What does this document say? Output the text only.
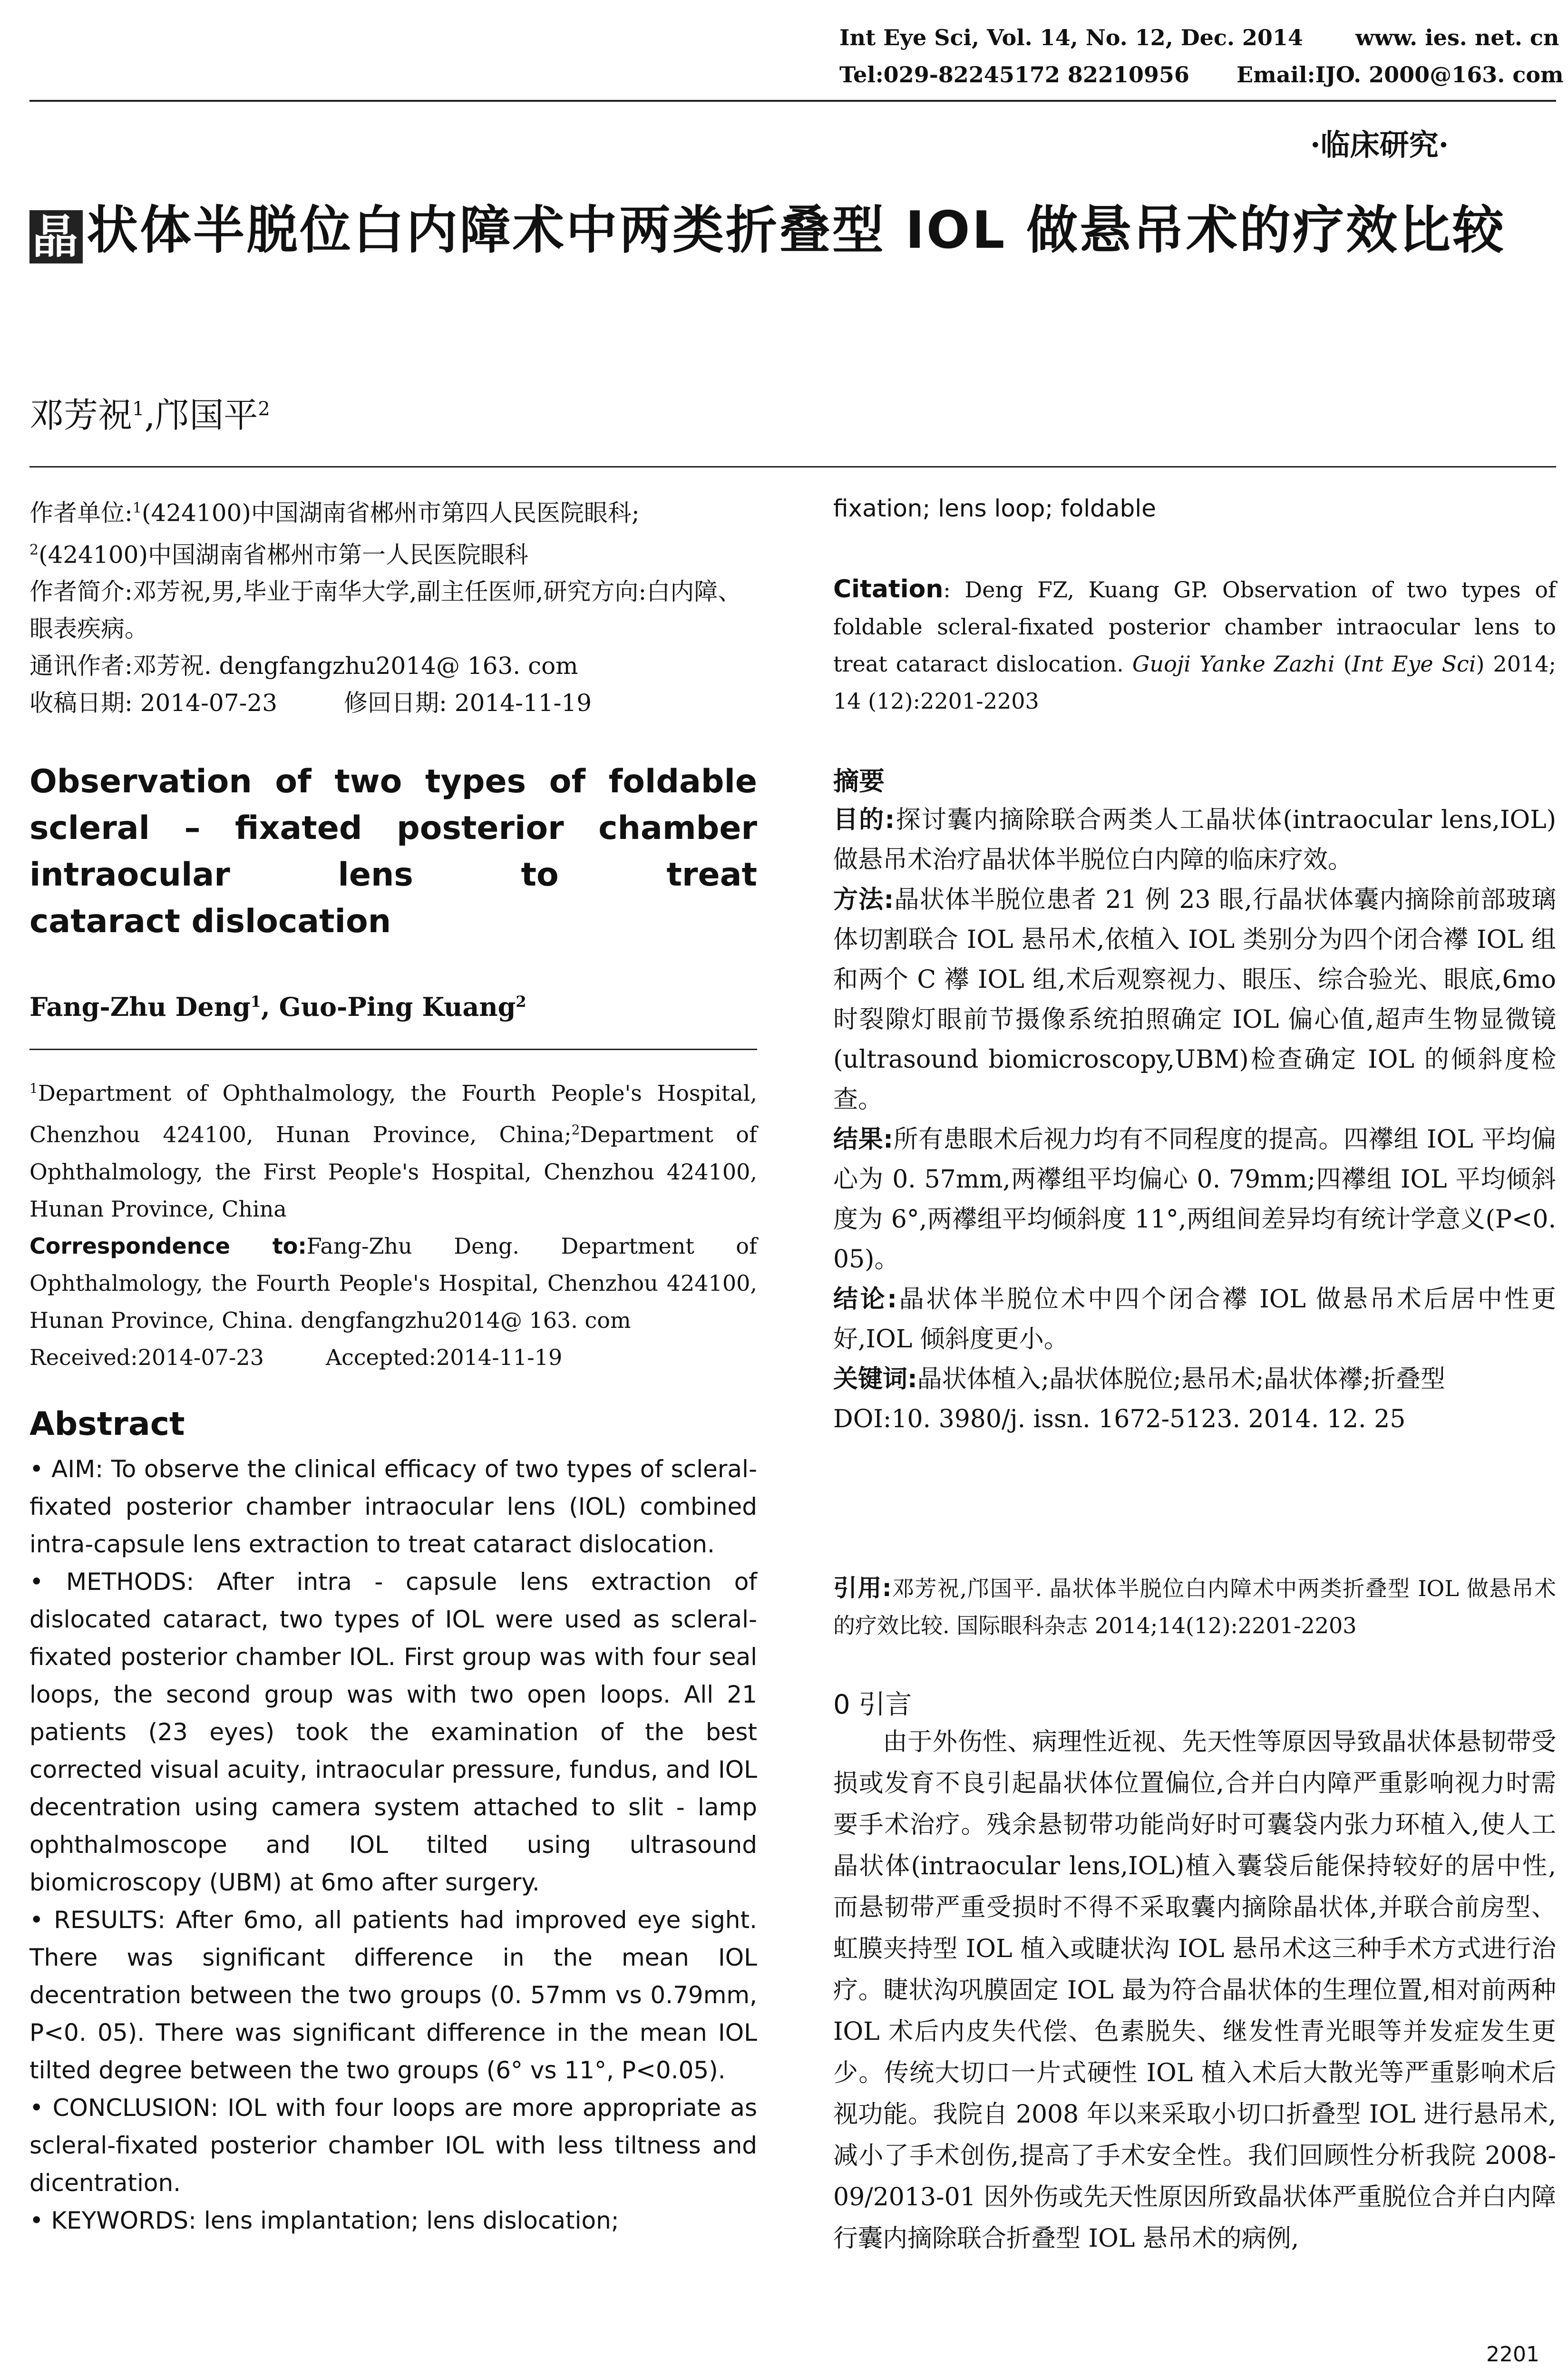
Int Eye Sci, Vol. 14, No. 12, Dec. 2014 www. ies. net. cn
Tel:029-82245172 82210956 Email:IJO. 2000@163. com
·临床研究·
晶 状体半脱位白内障术中两类折叠型 IOL 做悬吊术的疗效比较
邓芳祝$^1$,邝国平$^2$

作者单位:$^1$(424100)中国湖南省郴州市第四人民医院眼科;

$^2$(424100)中国湖南省郴州市第一人民医院眼科

作者简介:邓芳祝,男,毕业于南华大学,副主任医师,研究方向:白内障、眼表疾病。

通讯作者:邓芳祝. dengfangzhu2014@ 163. com

收稿日期: 2014-07-23	修回日期: 2014-11-19

Observation of two types of foldable
scleral – fixated posterior chamber
intraocular lens to treat
cataract dislocation
Fang-Zhu Deng$^1$, Guo-Ping Kuang$^2$

$^1$Department of Ophthalmology, the Fourth People's Hospital, Chenzhou 424100, Hunan Province, China;$^2$Department of Ophthalmology, the First People's Hospital, Chenzhou 424100, Hunan Province, China

Correspondence to:Fang-Zhu Deng. Department of Ophthalmology, the Fourth People's Hospital, Chenzhou 424100, Hunan Province, China. dengfangzhu2014@ 163. com

Received:2014-07-23	Accepted:2014-11-19

Abstract

• AIM: To observe the clinical efficacy of two types of scleral-fixated posterior chamber intraocular lens (IOL) combined intra-capsule lens extraction to treat cataract dislocation.

• METHODS: After intra - capsule lens extraction of dislocated cataract, two types of IOL were used as scleral-fixated posterior chamber IOL. First group was with four seal loops, the second group was with two open loops. All 21 patients (23 eyes) took the examination of the best corrected visual acuity, intraocular pressure, fundus, and IOL decentration using camera system attached to slit - lamp ophthalmoscope and IOL tilted using ultrasound biomicroscopy (UBM) at 6mo after surgery.

• RESULTS: After 6mo, all patients had improved eye sight. There was significant difference in the mean IOL decentration between the two groups (0. 57mm vs 0.79mm, P<0. 05). There was significant difference in the mean IOL tilted degree between the two groups (6° vs 11°, P<0.05).

• CONCLUSION: IOL with four loops are more appropriate as scleral-fixated posterior chamber IOL with less tiltness and dicentration.

• KEYWORDS: lens implantation; lens dislocation;

fixation; lens loop; foldable
Citation: Deng FZ, Kuang GP. Observation of two types of foldable scleral-fixated posterior chamber intraocular lens to treat cataract dislocation. Guoji Yanke Zazhi (Int Eye Sci) 2014; 14 (12):2201-2203
摘要

目的:探讨囊内摘除联合两类人工晶状体(intraocular lens,IOL)做悬吊术治疗晶状体半脱位白内障的临床疗效。

方法:晶状体半脱位患者 21 例 23 眼,行晶状体囊内摘除前部玻璃体切割联合 IOL 悬吊术,依植入 IOL 类别分为四个闭合襻 IOL 组和两个 C 襻 IOL 组,术后观察视力、眼压、综合验光、眼底,6mo 时裂隙灯眼前节摄像系统拍照确定 IOL 偏心值,超声生物显微镜(ultrasound biomicroscopy,UBM)检查确定 IOL 的倾斜度检查。

结果:所有患眼术后视力均有不同程度的提高。四襻组 IOL 平均偏心为 0. 57mm,两襻组平均偏心 0. 79mm;四襻组 IOL 平均倾斜度为 6°,两襻组平均倾斜度 11°,两组间差异均有统计学意义(P<0. 05)。

结论:晶状体半脱位术中四个闭合襻 IOL 做悬吊术后居中性更好,IOL 倾斜度更小。

关键词:晶状体植入;晶状体脱位;悬吊术;晶状体襻;折叠型

DOI:10. 3980/j. issn. 1672-5123. 2014. 12. 25

引用:邓芳祝,邝国平. 晶状体半脱位白内障术中两类折叠型 IOL 做悬吊术的疗效比较. 国际眼科杂志 2014;14(12):2201-2203
0 引言

由于外伤性、病理性近视、先天性等原因导致晶状体悬韧带受损或发育不良引起晶状体位置偏位,合并白内障严重影响视力时需要手术治疗。残余悬韧带功能尚好时可囊袋内张力环植入,使人工晶状体(intraocular lens,IOL)植入囊袋后能保持较好的居中性,而悬韧带严重受损时不得不采取囊内摘除晶状体,并联合前房型、虹膜夹持型 IOL 植入或睫状沟 IOL 悬吊术这三种手术方式进行治疗。睫状沟巩膜固定 IOL 最为符合晶状体的生理位置,相对前两种 IOL 术后内皮失代偿、色素脱失、继发性青光眼等并发症发生更少。传统大切口一片式硬性 IOL 植入术后大散光等严重影响术后视功能。我院自 2008 年以来采取小切口折叠型 IOL 进行悬吊术,减小了手术创伤,提高了手术安全性。我们回顾性分析我院 2008-09/2013-01 因外伤或先天性原因所致晶状体严重脱位合并白内障行囊内摘除联合折叠型 IOL 悬吊术的病例,

2201
